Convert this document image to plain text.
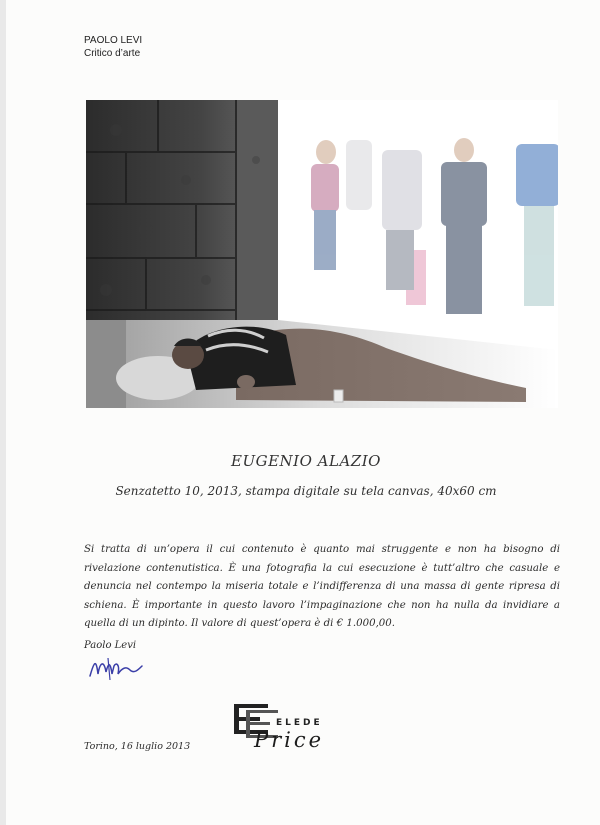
PAOLO LEVI
Critico d’arte
EUGENIO ALAZIO
Senzatetto 10, 2013, stampa digitale su tela canvas, 40x60 cm

Si tratta di un’opera il cui contenuto è quanto mai struggente e non ha bisogno di rivelazione contenutistica. È una fotografia la cui esecuzione è tutt’altro che casuale e denuncia nel contempo la miseria totale e l’indifferenza di una massa di gente ripresa di schiena. È importante in questo lavoro l’impaginazione che non ha nulla da invidiare a quella di un dipinto. Il valore di quest’opera è di € 1.000,00.

Paolo Levi
Torino, 16 luglio 2013
ELEDE
Price
